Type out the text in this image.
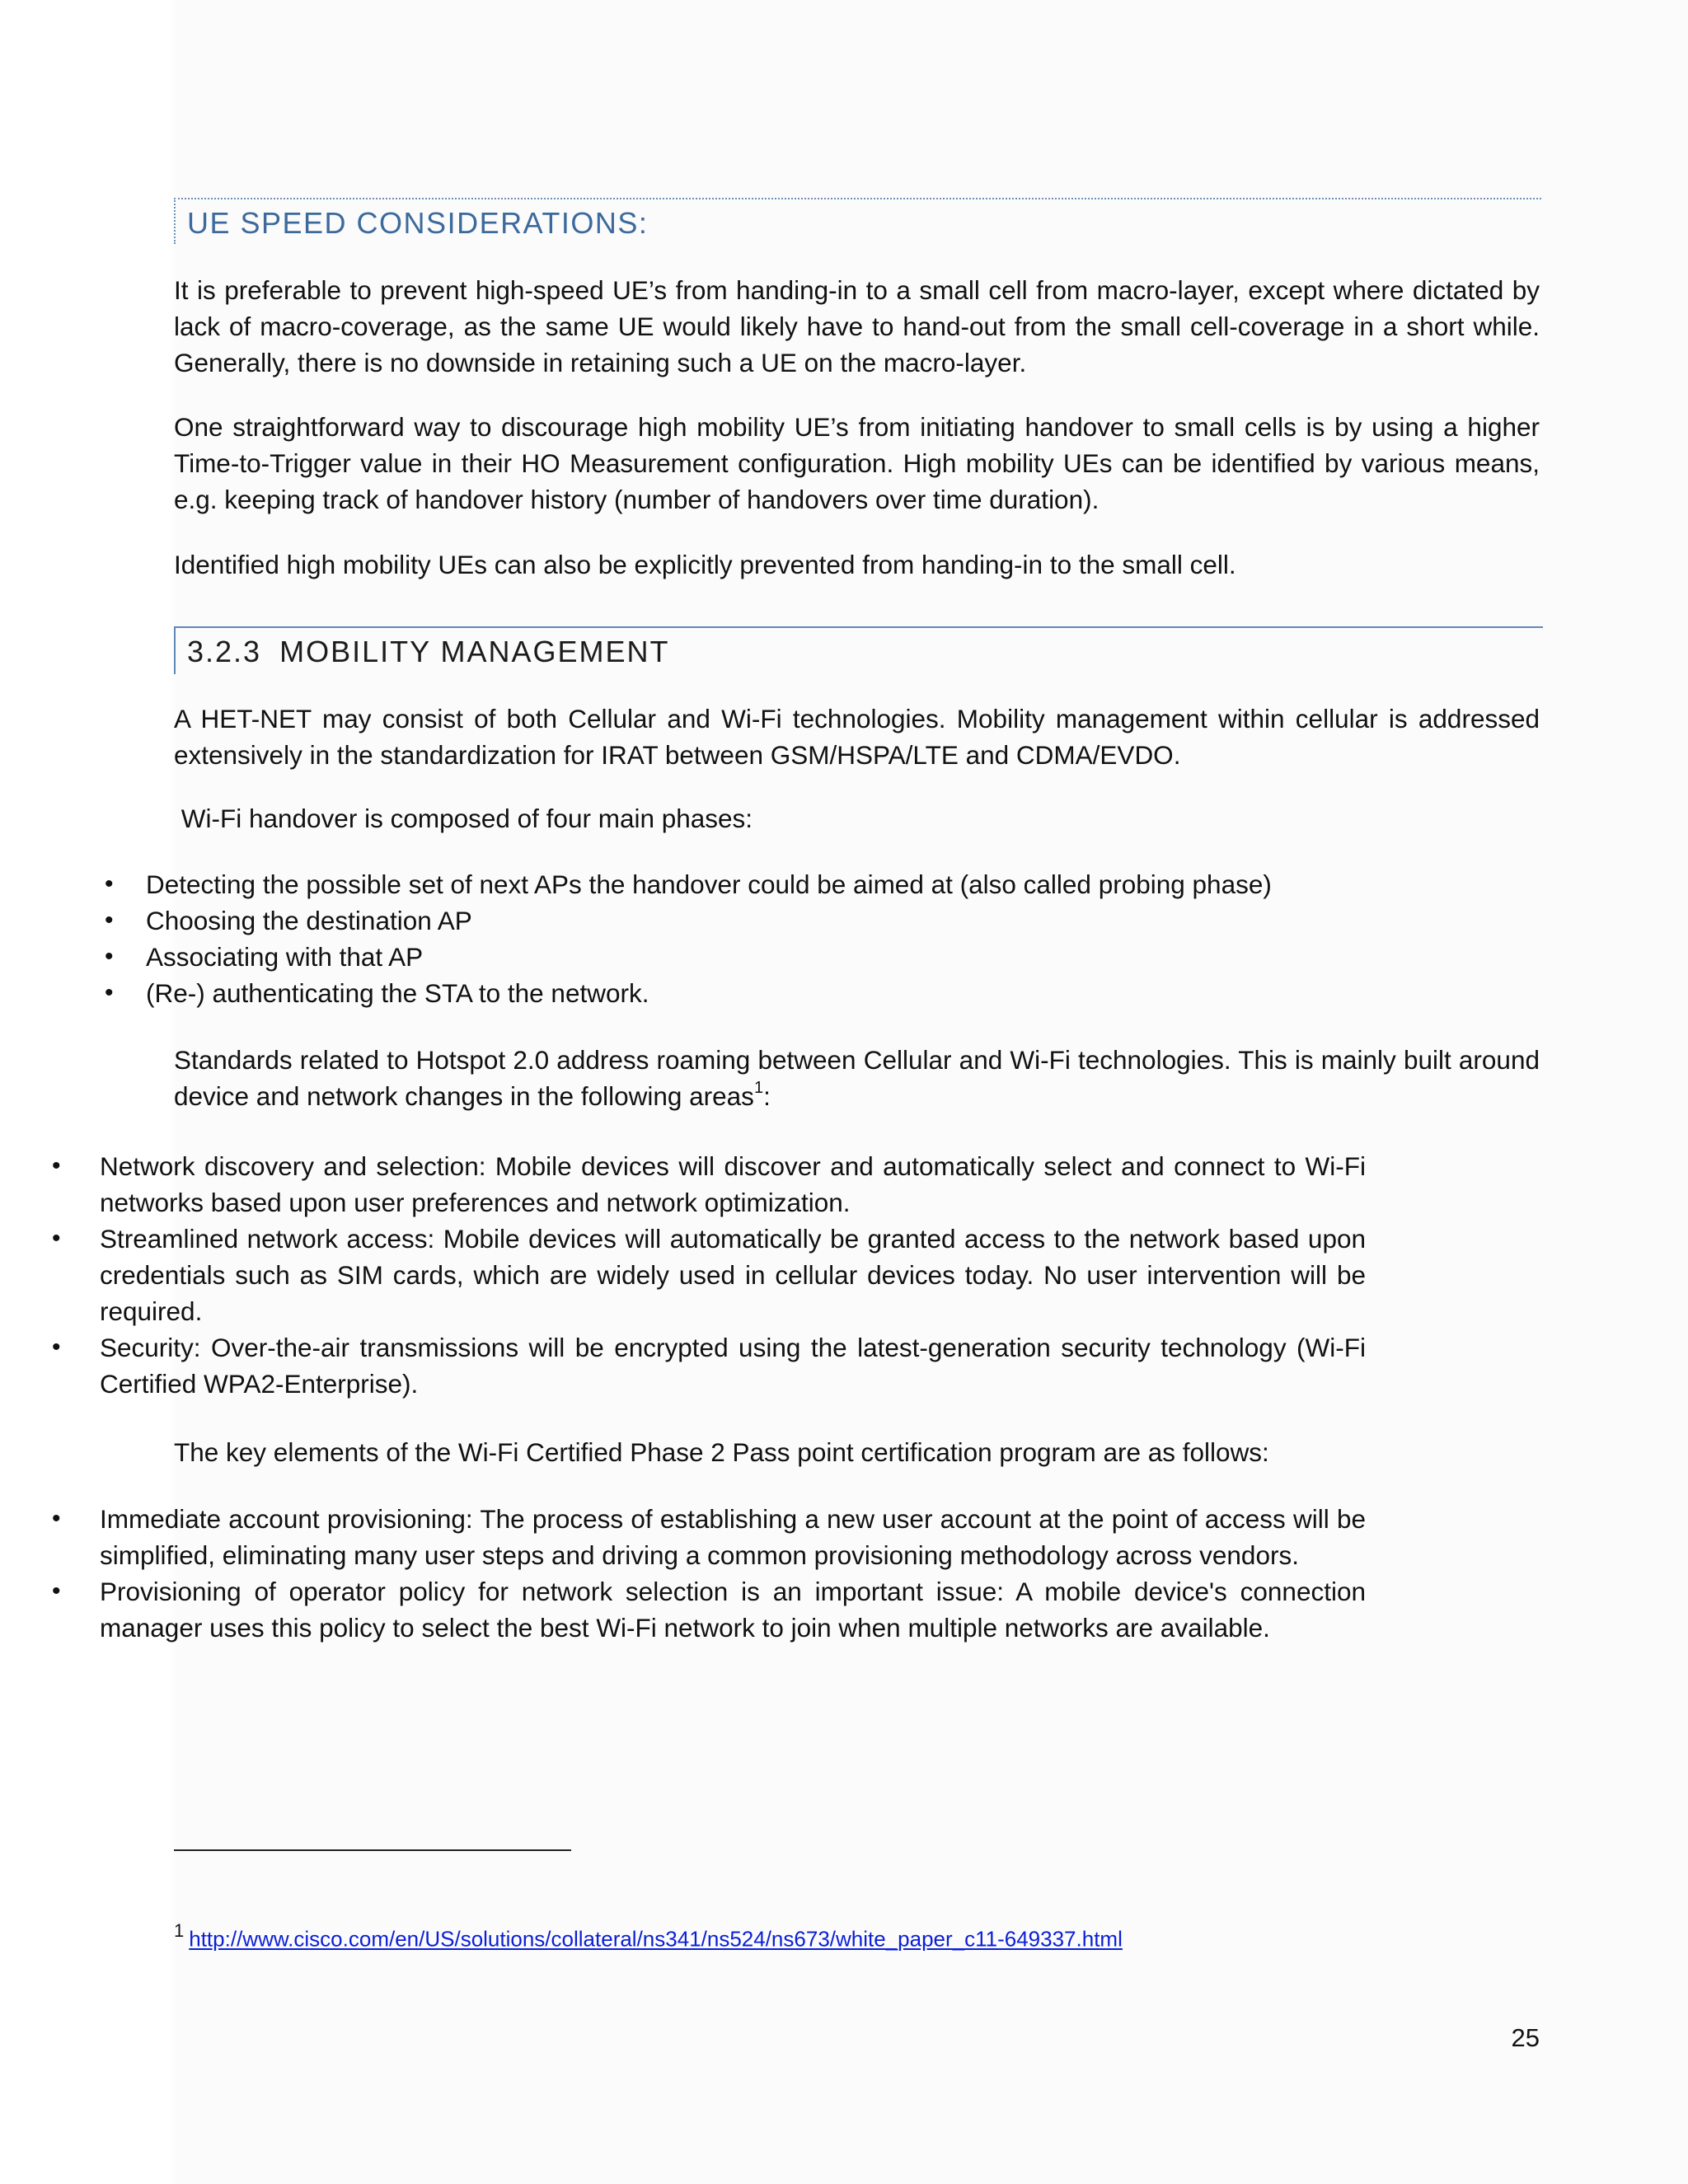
UE SPEED CONSIDERATIONS:

It is preferable to prevent high-speed UE’s from handing-in to a small cell from macro-layer, except where dictated by lack of macro-coverage, as the same UE would likely have to hand-out from the small cell-coverage in a short while. Generally, there is no downside in retaining such a UE on the macro-layer.

One straightforward way to discourage high mobility UE’s from initiating handover to small cells is by using a higher Time-to-Trigger value in their HO Measurement configuration. High mobility UEs can be identified by various means, e.g. keeping track of handover history (number of handovers over time duration).

Identified high mobility UEs can also be explicitly prevented from handing-in to the small cell.

3.2.3 MOBILITY MANAGEMENT

A HET-NET may consist of both Cellular and Wi-Fi technologies. Mobility management within cellular is addressed extensively in the standardization for IRAT between GSM/HSPA/LTE and CDMA/EVDO.

Wi-Fi handover is composed of four main phases:

Standards related to Hotspot 2.0 address roaming between Cellular and Wi-Fi technologies. This is mainly built around device and network changes in the following areas$^1$:

The key elements of the Wi-Fi Certified Phase 2 Pass point certification program are as follows:

• Detecting the possible set of next APs the handover could be aimed at (also called probing phase)
• Choosing the destination AP
• Associating with that AP
• (Re-) authenticating the STA to the network.
• Network discovery and selection: Mobile devices will discover and automatically select and connect to Wi-Fi networks based upon user preferences and network optimization.
• Streamlined network access: Mobile devices will automatically be granted access to the network based upon credentials such as SIM cards, which are widely used in cellular devices today. No user intervention will be required.
• Security: Over-the-air transmissions will be encrypted using the latest-generation security technology (Wi-Fi Certified WPA2-Enterprise).
• Immediate account provisioning: The process of establishing a new user account at the point of access will be simplified, eliminating many user steps and driving a common provisioning methodology across vendors.
• Provisioning of operator policy for network selection is an important issue: A mobile device's connection manager uses this policy to select the best Wi-Fi network to join when multiple networks are available.
$^1$ http://www.cisco.com/en/US/solutions/collateral/ns341/ns524/ns673/white_paper_c11-649337.html
25
